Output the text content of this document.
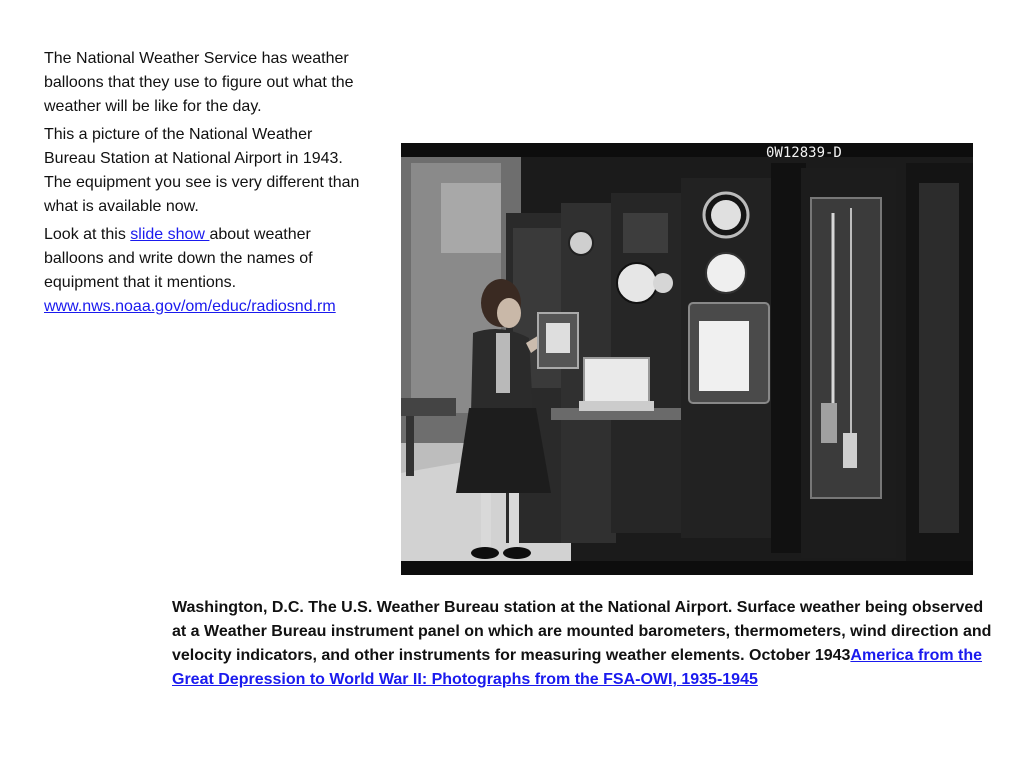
The National Weather Service has weather balloons that they use to figure out what the weather will be like for the day.

This a picture of the National Weather Bureau Station at National Airport in 1943. The equipment you see is very different than what is available now.

Look at this slide show about weather balloons and write down the names of equipment that it mentions.
www.nws.noaa.gov/om/educ/radiosnd.rm

0W12839-D
Washington, D.C. The U.S. Weather Bureau station at the National Airport. Surface weather being observed at a Weather Bureau instrument panel on which are mounted barometers, thermometers, wind direction and velocity indicators, and other instruments for measuring weather elements. October 1943America from the Great Depression to World War II: Photographs from the FSA-OWI, 1935-1945
